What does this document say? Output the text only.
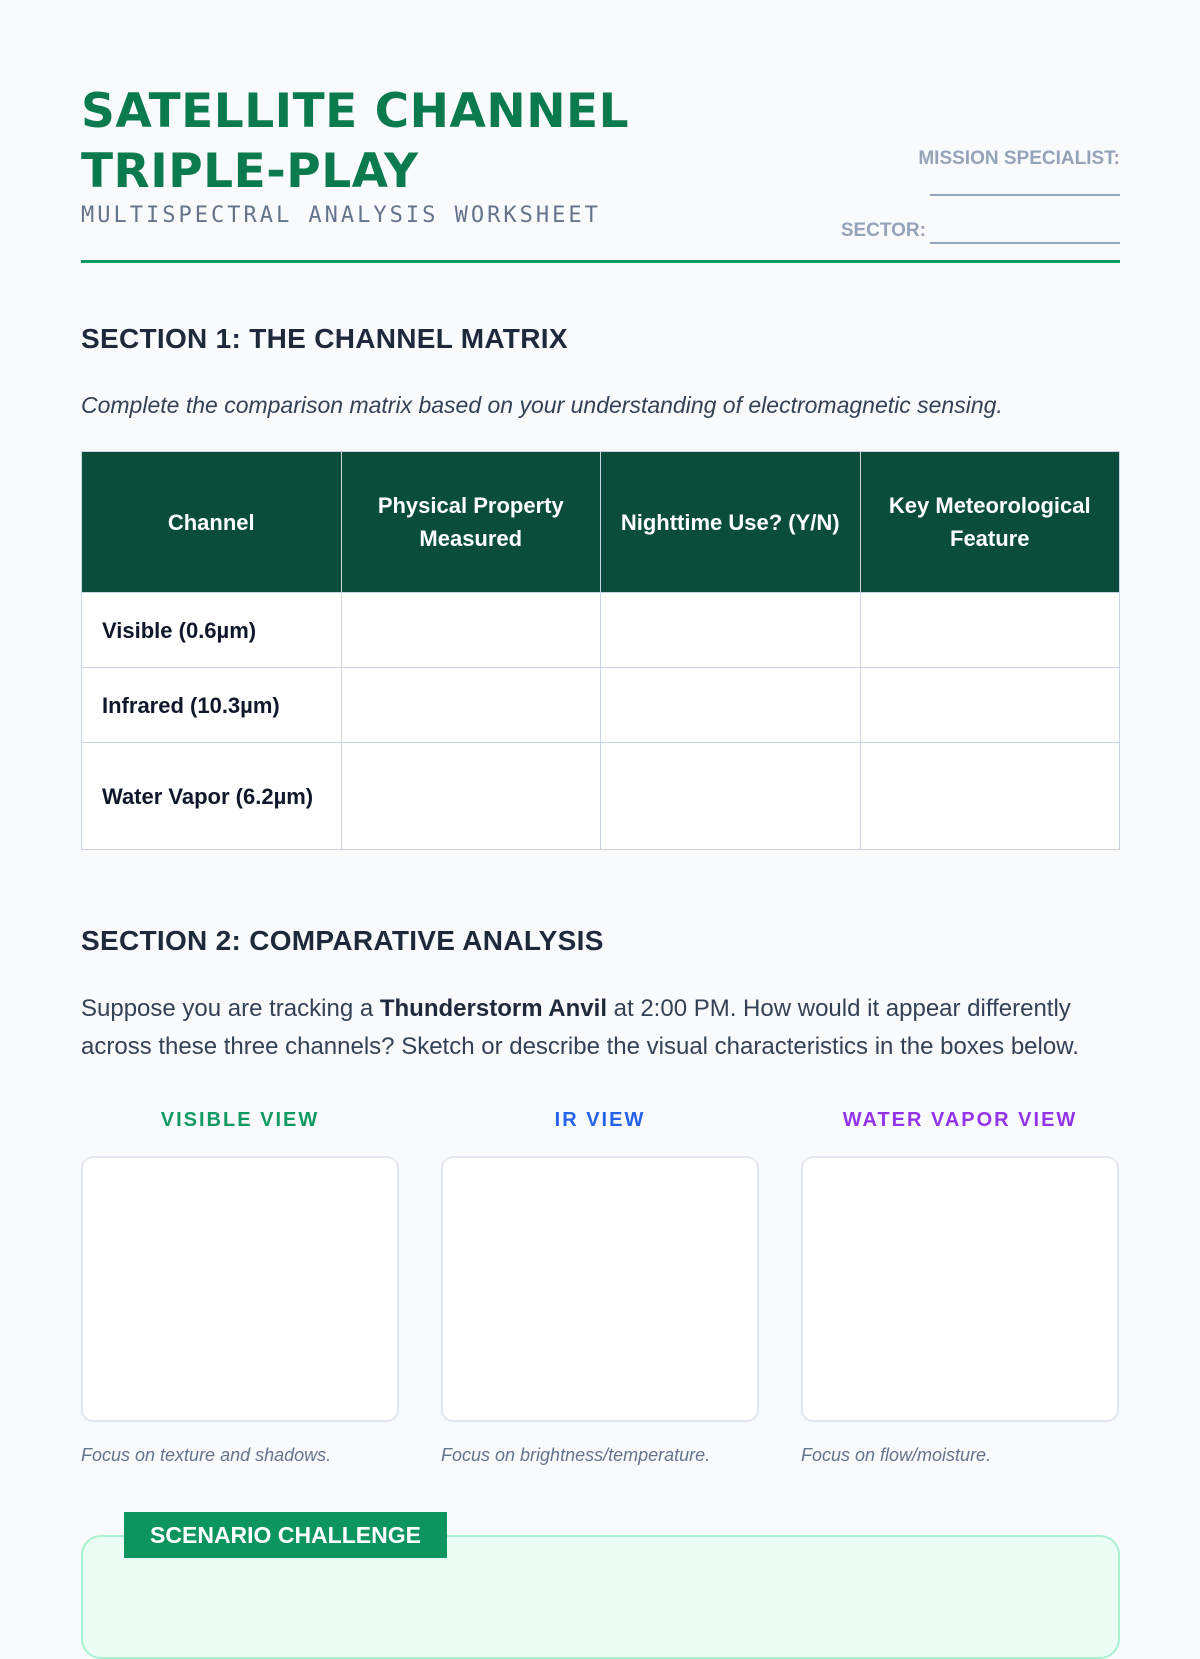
SATELLITE CHANNEL
TRIPLE-PLAY
MULTISPECTRAL ANALYSIS WORKSHEET
MISSION SPECIALIST:
SECTOR:
SECTION 1: THE CHANNEL MATRIX
Complete the comparison matrix based on your understanding of electromagnetic sensing.
Channel	Physical Property Measured	Nighttime Use? (Y/N)	Key Meteorological Feature
Visible (0.6µm)			
Infrared (10.3µm)			
Water Vapor (6.2µm)			
SECTION 2: COMPARATIVE ANALYSIS
Suppose you are tracking a Thunderstorm Anvil at 2:00 PM. How would it appear differently across these three channels? Sketch or describe the visual characteristics in the boxes below.
VISIBLE VIEW	IR VIEW	WATER VAPOR VIEW
Focus on texture and shadows.	Focus on brightness/temperature.	Focus on flow/moisture.
SCENARIO CHALLENGE
